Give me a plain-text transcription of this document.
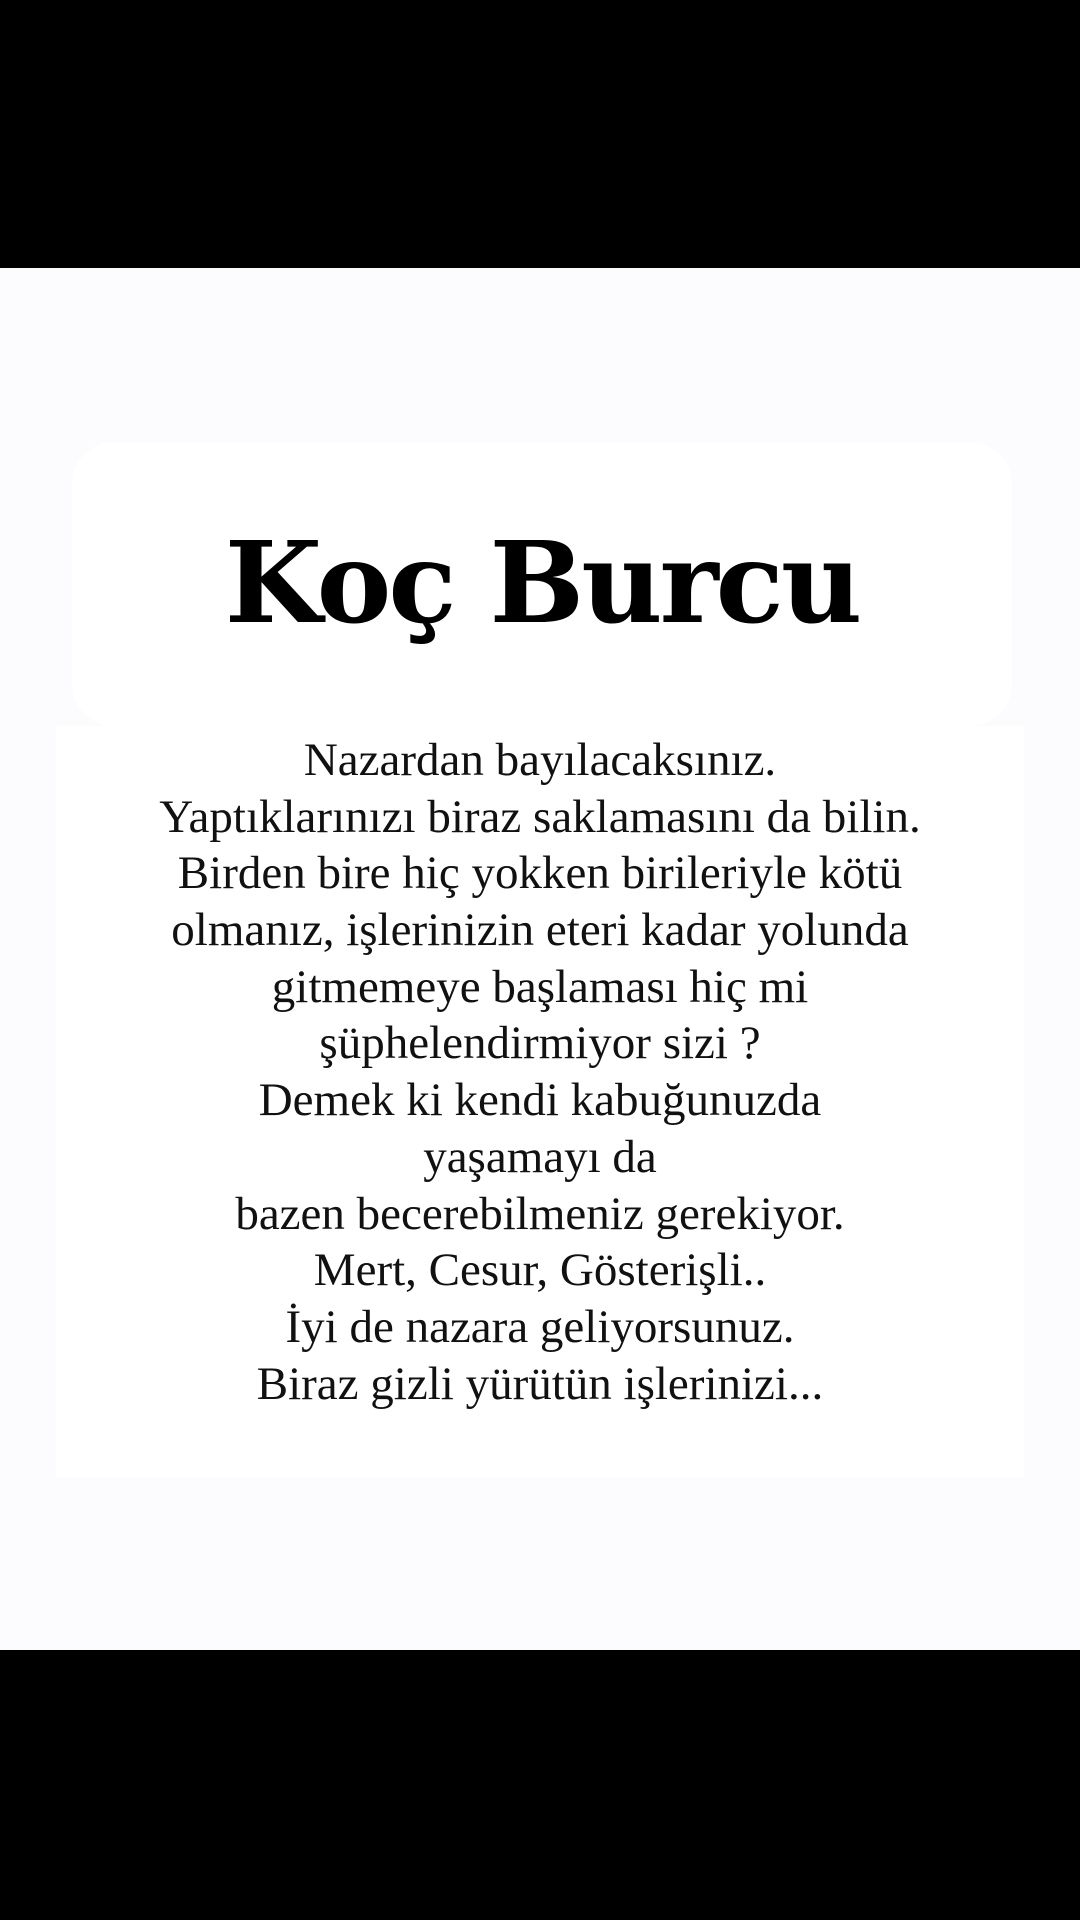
Koç Burcu
Nazardan bayılacaksınız.
Yaptıklarınızı biraz saklamasını da bilin.
Birden bire hiç yokken birileriyle kötü
olmanız, işlerinizin eteri kadar yolunda
gitmemeye başlaması hiç mi
şüphelendirmiyor sizi ?
Demek ki kendi kabuğunuzda
yaşamayı da
bazen becerebilmeniz gerekiyor.
Mert, Cesur, Gösterişli..
İyi de nazara geliyorsunuz.
Biraz gizli yürütün işlerinizi...
